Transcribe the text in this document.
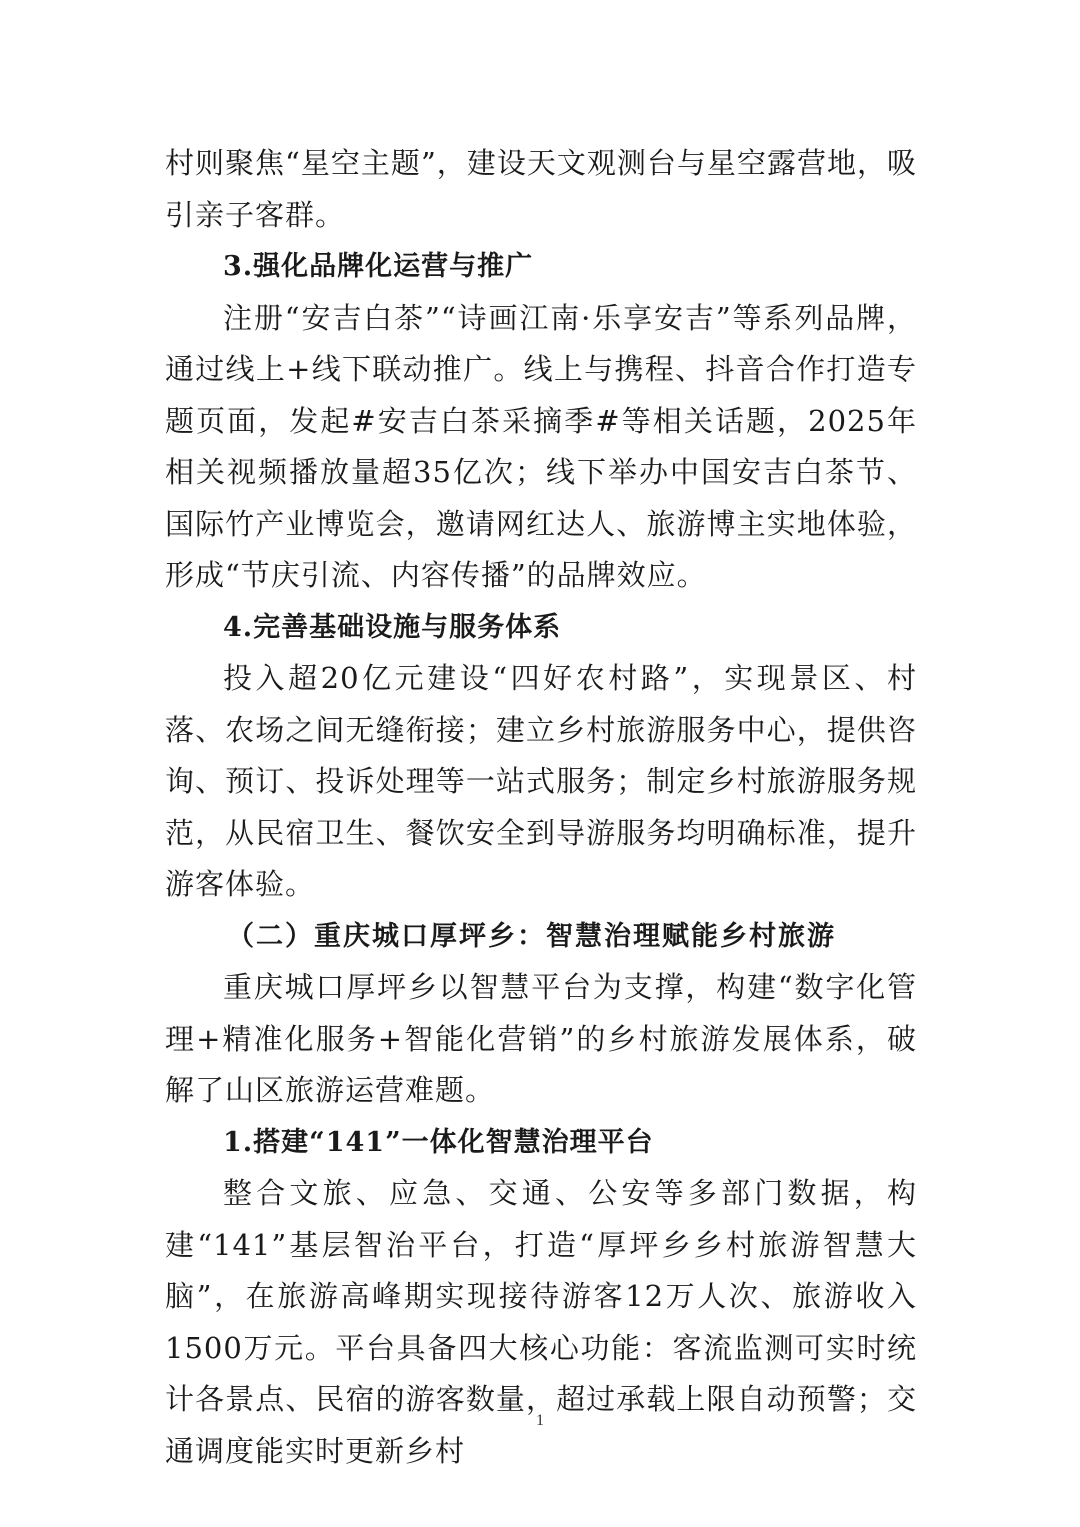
村则聚焦“星空主题”，建设天文观测台与星空露营地，吸引亲子客群。

3.强化品牌化运营与推广

注册“安吉白茶”“诗画江南·乐享安吉”等系列品牌，通过线上+线下联动推广。线上与携程、抖音合作打造专题页面，发起#安吉白茶采摘季#等相关话题，2025年相关视频播放量超35亿次；线下举办中国安吉白茶节、国际竹产业博览会，邀请网红达人、旅游博主实地体验，形成“节庆引流、内容传播”的品牌效应。

4.完善基础设施与服务体系

投入超20亿元建设“四好农村路”，实现景区、村落、农场之间无缝衔接；建立乡村旅游服务中心，提供咨询、预订、投诉处理等一站式服务；制定乡村旅游服务规范，从民宿卫生、餐饮安全到导游服务均明确标准，提升游客体验。

（二）重庆城口厚坪乡：智慧治理赋能乡村旅游

重庆城口厚坪乡以智慧平台为支撑，构建“数字化管理+精准化服务+智能化营销”的乡村旅游发展体系，破解了山区旅游运营难题。

1.搭建“141”一体化智慧治理平台

整合文旅、应急、交通、公安等多部门数据，构建“141”基层智治平台，打造“厚坪乡乡村旅游智慧大脑”，在旅游高峰期实现接待游客12万人次、旅游收入1500万元。平台具备四大核心功能：客流监测可实时统计各景点、民宿的游客数量，超过承载上限自动预警；交通调度能实时更新乡村

1
